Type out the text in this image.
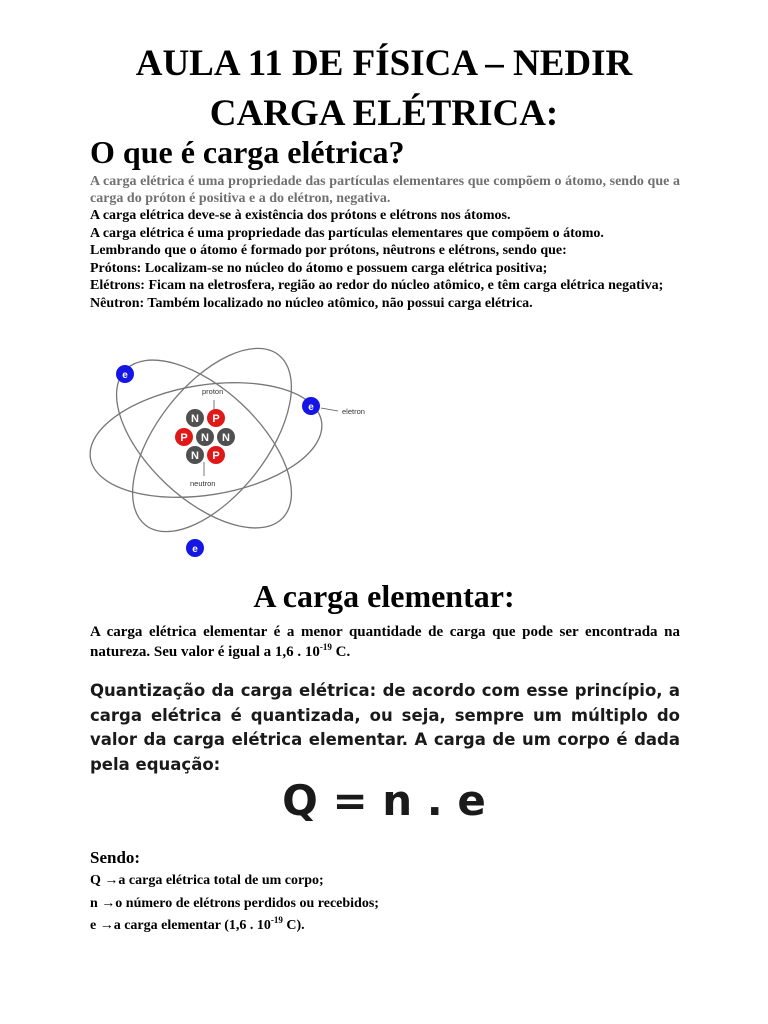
AULA 11 DE FÍSICA – NEDIR
CARGA ELÉTRICA:
O que é carga elétrica?

A carga elétrica é uma propriedade das partículas elementares que compõem o átomo, sendo que a carga do próton é positiva e a do elétron, negativa.

A carga elétrica deve-se à existência dos prótons e elétrons nos átomos.

A carga elétrica é uma propriedade das partículas elementares que compõem o átomo.
Lembrando que o átomo é formado por prótons, nêutrons e elétrons, sendo que:
Prótons: Localizam-se no núcleo do átomo e possuem carga elétrica positiva;
Elétrons: Ficam na eletrosfera, região ao redor do núcleo atômico, e têm carga elétrica negativa;
Nêutron: Também localizado no núcleo atômico, não possui carga elétrica.
N P
P N N
N P
proton
neutron
eletron
e
e
e
A carga elementar:

A carga elétrica elementar é a menor quantidade de carga que pode ser encontrada na natureza. Seu valor é igual a 1,6 . $10^{-19}$ C.

Quantização da carga elétrica: de acordo com esse princípio, a carga elétrica é quantizada, ou seja, sempre um múltiplo do valor da carga elétrica elementar. A carga de um corpo é dada pela equação:

Q = n . e
Sendo:
Q →a carga elétrica total de um corpo;
n →o número de elétrons perdidos ou recebidos;
e →a carga elementar (1,6 . $10^{-19}$ C).
